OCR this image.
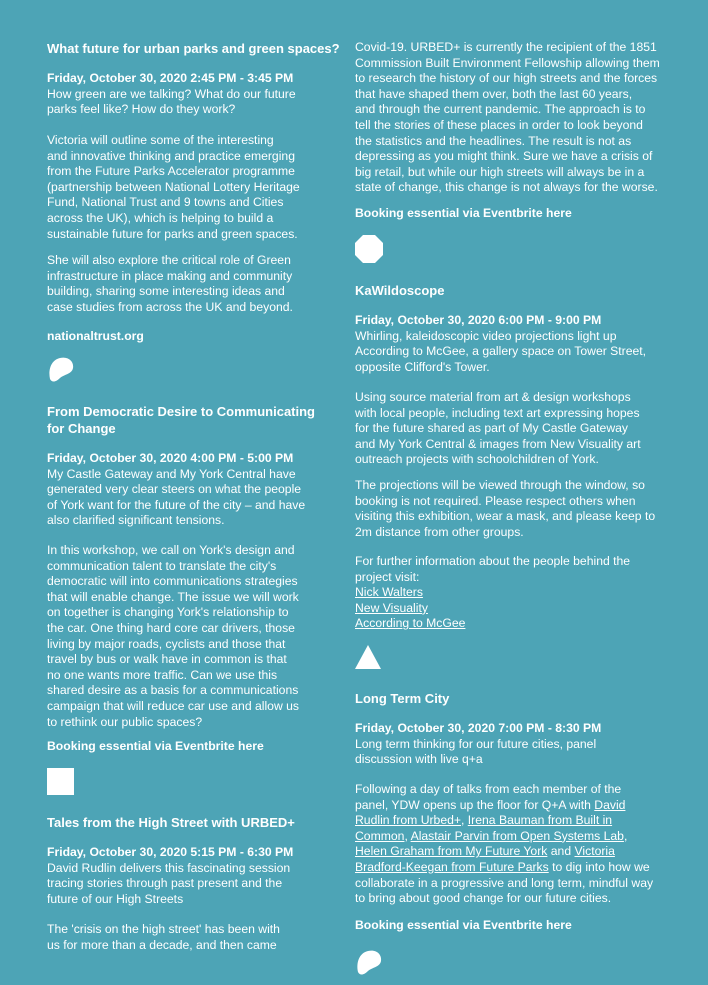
What future for urban parks and green spaces?
Friday, October 30, 2020 2:45 PM - 3:45 PM
How green are we talking? What do our future
parks feel like? How do they work?
Victoria will outline some of the interesting
and innovative thinking and practice emerging
from the Future Parks Accelerator programme
(partnership between National Lottery Heritage
Fund, National Trust and 9 towns and Cities
across the UK), which is helping to build a
sustainable future for parks and green spaces.
She will also explore the critical role of Green
infrastructure in place making and community
building, sharing some interesting ideas and
case studies from across the UK and beyond.
nationaltrust.org
From Democratic Desire to Communicating
for Change
Friday, October 30, 2020 4:00 PM - 5:00 PM
My Castle Gateway and My York Central have
generated very clear steers on what the people
of York want for the future of the city – and have
also clarified significant tensions.
In this workshop, we call on York's design and
communication talent to translate the city's
democratic will into communications strategies
that will enable change. The issue we will work
on together is changing York's relationship to
the car. One thing hard core car drivers, those
living by major roads, cyclists and those that
travel by bus or walk have in common is that
no one wants more traffic. Can we use this
shared desire as a basis for a communications
campaign that will reduce car use and allow us
to rethink our public spaces?
Booking essential via Eventbrite here
Tales from the High Street with URBED+
Friday, October 30, 2020 5:15 PM - 6:30 PM
David Rudlin delivers this fascinating session
tracing stories through past present and the
future of our High Streets
The 'crisis on the high street' has been with
us for more than a decade, and then came
Covid-19. URBED+ is currently the recipient of the 1851
Commission Built Environment Fellowship allowing them
to research the history of our high streets and the forces
that have shaped them over, both the last 60 years,
and through the current pandemic. The approach is to
tell the stories of these places in order to look beyond
the statistics and the headlines. The result is not as
depressing as you might think. Sure we have a crisis of
big retail, but while our high streets will always be in a
state of change, this change is not always for the worse.
Booking essential via Eventbrite here
KaWildoscope
Friday, October 30, 2020 6:00 PM - 9:00 PM
Whirling, kaleidoscopic video projections light up
According to McGee, a gallery space on Tower Street,
opposite Clifford's Tower.
Using source material from art & design workshops
with local people, including text art expressing hopes
for the future shared as part of My Castle Gateway
and My York Central & images from New Visuality art
outreach projects with schoolchildren of York.
The projections will be viewed through the window, so
booking is not required. Please respect others when
visiting this exhibition, wear a mask, and please keep to
2m distance from other groups.
For further information about the people behind the
project visit:
Nick Walters
New Visuality
According to McGee
Long Term City
Friday, October 30, 2020 7:00 PM - 8:30 PM
Long term thinking for our future cities, panel
discussion with live q+a
Following a day of talks from each member of the
panel, YDW opens up the floor for Q+A with David
Rudlin from Urbed+, Irena Bauman from Built in
Common, Alastair Parvin from Open Systems Lab,
Helen Graham from My Future York and Victoria
Bradford-Keegan from Future Parks to dig into how we
collaborate in a progressive and long term, mindful way
to bring about good change for our future cities.
Booking essential via Eventbrite here
